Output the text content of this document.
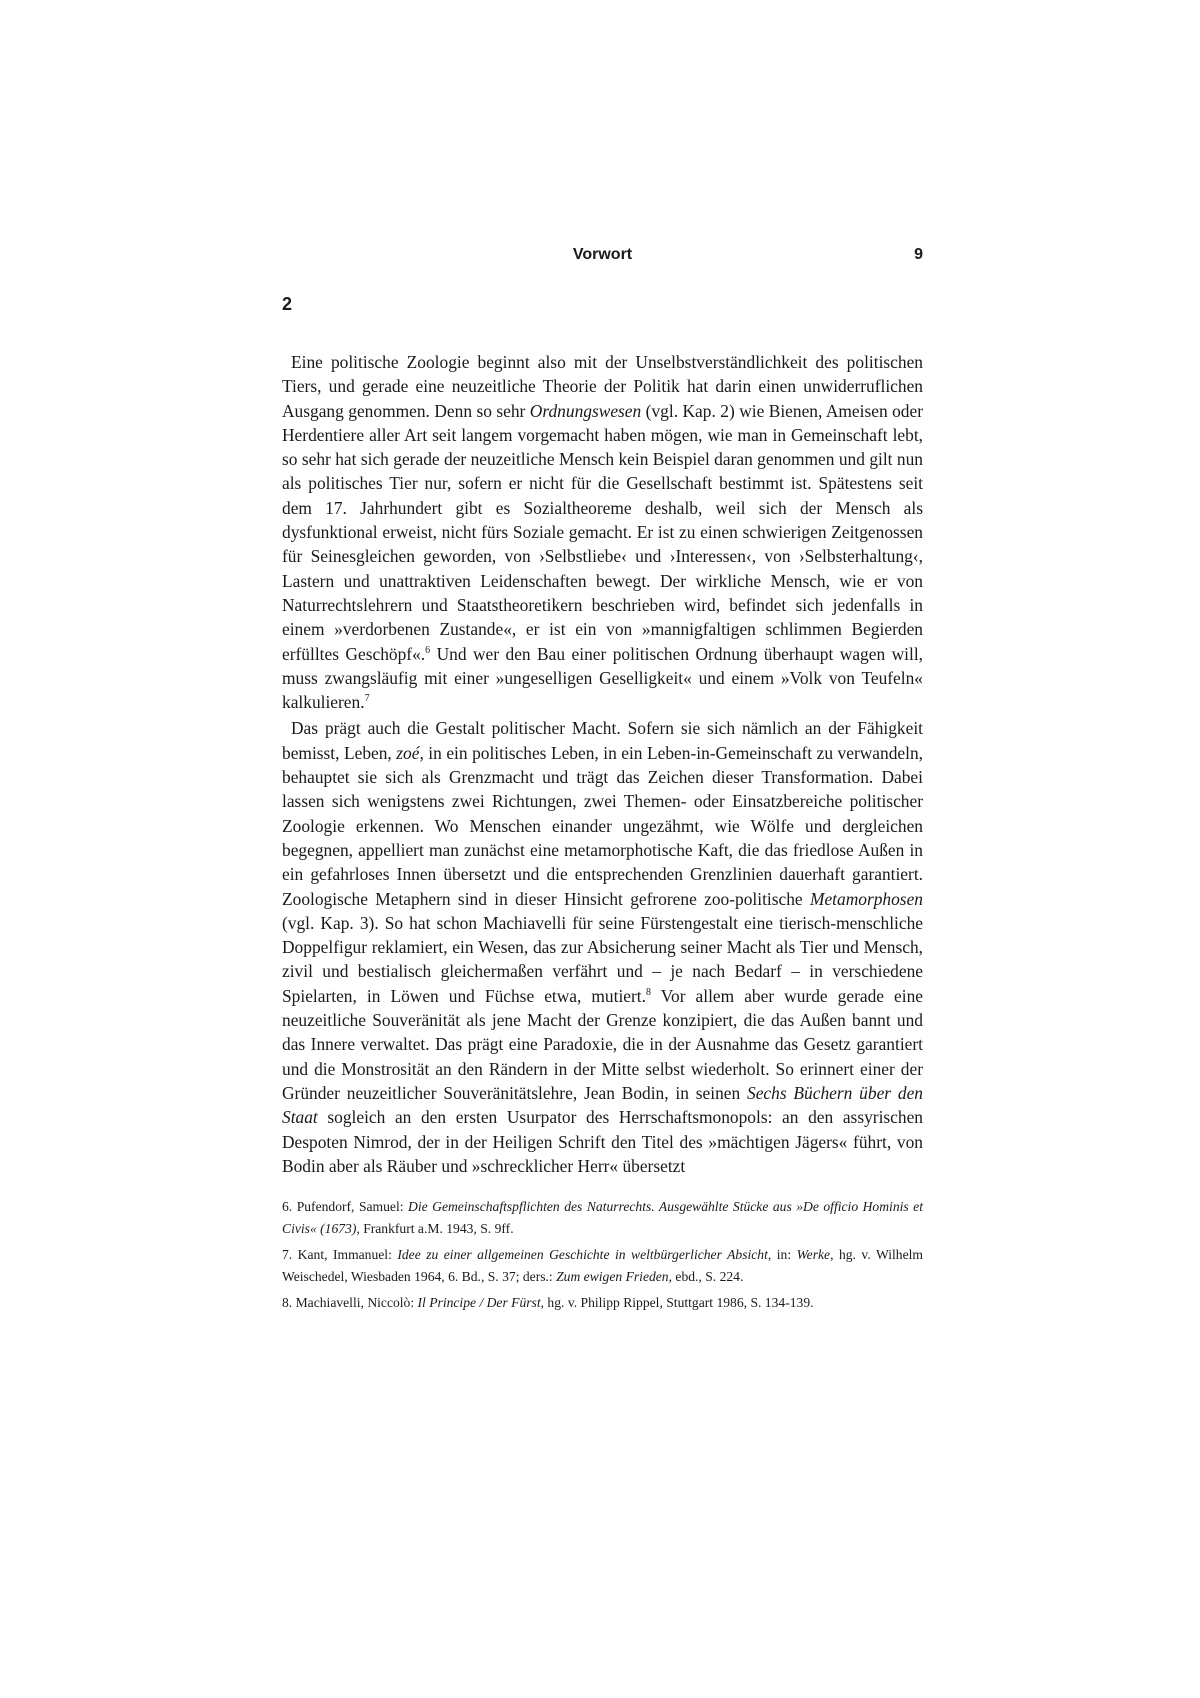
Vorwort	9
2

Eine politische Zoologie beginnt also mit der Unselbstverständlichkeit des politischen Tiers, und gerade eine neuzeitliche Theorie der Politik hat darin einen unwiderruflichen Ausgang genommen. Denn so sehr Ordnungswesen (vgl. Kap. 2) wie Bienen, Ameisen oder Herdentiere aller Art seit langem vorgemacht haben mögen, wie man in Gemeinschaft lebt, so sehr hat sich gerade der neuzeitliche Mensch kein Beispiel daran genommen und gilt nun als politisches Tier nur, sofern er nicht für die Gesellschaft bestimmt ist. Spätestens seit dem 17. Jahrhundert gibt es Sozialtheoreme deshalb, weil sich der Mensch als dysfunktional erweist, nicht fürs Soziale gemacht. Er ist zu einen schwierigen Zeitgenossen für Seinesgleichen geworden, von ›Selbstliebe‹ und ›Interessen‹, von ›Selbsterhaltung‹, Lastern und unattraktiven Leidenschaften bewegt. Der wirkliche Mensch, wie er von Naturrechtslehrern und Staatstheoretikern beschrieben wird, befindet sich jedenfalls in einem »verdorbenen Zustande«, er ist ein von »mannigfaltigen schlimmen Begierden erfülltes Geschöpf«.$^6$ Und wer den Bau einer politischen Ordnung überhaupt wagen will, muss zwangsläufig mit einer »ungeselligen Geselligkeit« und einem »Volk von Teufeln« kalkulieren.$^7$

Das prägt auch die Gestalt politischer Macht. Sofern sie sich nämlich an der Fähigkeit bemisst, Leben, zoé, in ein politisches Leben, in ein Leben-in-Gemeinschaft zu verwandeln, behauptet sie sich als Grenzmacht und trägt das Zeichen dieser Transformation. Dabei lassen sich wenigstens zwei Richtungen, zwei Themen- oder Einsatzbereiche politischer Zoologie erkennen. Wo Menschen einander ungezähmt, wie Wölfe und dergleichen begegnen, appelliert man zunächst eine metamorphotische Kaft, die das friedlose Außen in ein gefahrloses Innen übersetzt und die entsprechenden Grenzlinien dauerhaft garantiert. Zoologische Metaphern sind in dieser Hinsicht gefrorene zoo-politische Metamorphosen (vgl. Kap. 3). So hat schon Machiavelli für seine Fürstengestalt eine tierisch-menschliche Doppelfigur reklamiert, ein Wesen, das zur Absicherung seiner Macht als Tier und Mensch, zivil und bestialisch gleichermaßen verfährt und – je nach Bedarf – in verschiedene Spielarten, in Löwen und Füchse etwa, mutiert.$^8$ Vor allem aber wurde gerade eine neuzeitliche Souveränität als jene Macht der Grenze konzipiert, die das Außen bannt und das Innere verwaltet. Das prägt eine Paradoxie, die in der Ausnahme das Gesetz garantiert und die Monstrosität an den Rändern in der Mitte selbst wiederholt. So erinnert einer der Gründer neuzeitlicher Souveränitätslehre, Jean Bodin, in seinen Sechs Büchern über den Staat sogleich an den ersten Usurpator des Herrschaftsmonopols: an den assyrischen Despoten Nimrod, der in der Heiligen Schrift den Titel des »mächtigen Jägers« führt, von Bodin aber als Räuber und »schrecklicher Herr« übersetzt

6. Pufendorf, Samuel: Die Gemeinschaftspflichten des Naturrechts. Ausgewählte Stücke aus »De officio Hominis et Civis« (1673), Frankfurt a.M. 1943, S. 9ff.

7. Kant, Immanuel: Idee zu einer allgemeinen Geschichte in weltbürgerlicher Absicht, in: Werke, hg. v. Wilhelm Weischedel, Wiesbaden 1964, 6. Bd., S. 37; ders.: Zum ewigen Frieden, ebd., S. 224.

8. Machiavelli, Niccolò: Il Principe / Der Fürst, hg. v. Philipp Rippel, Stuttgart 1986, S. 134-139.
